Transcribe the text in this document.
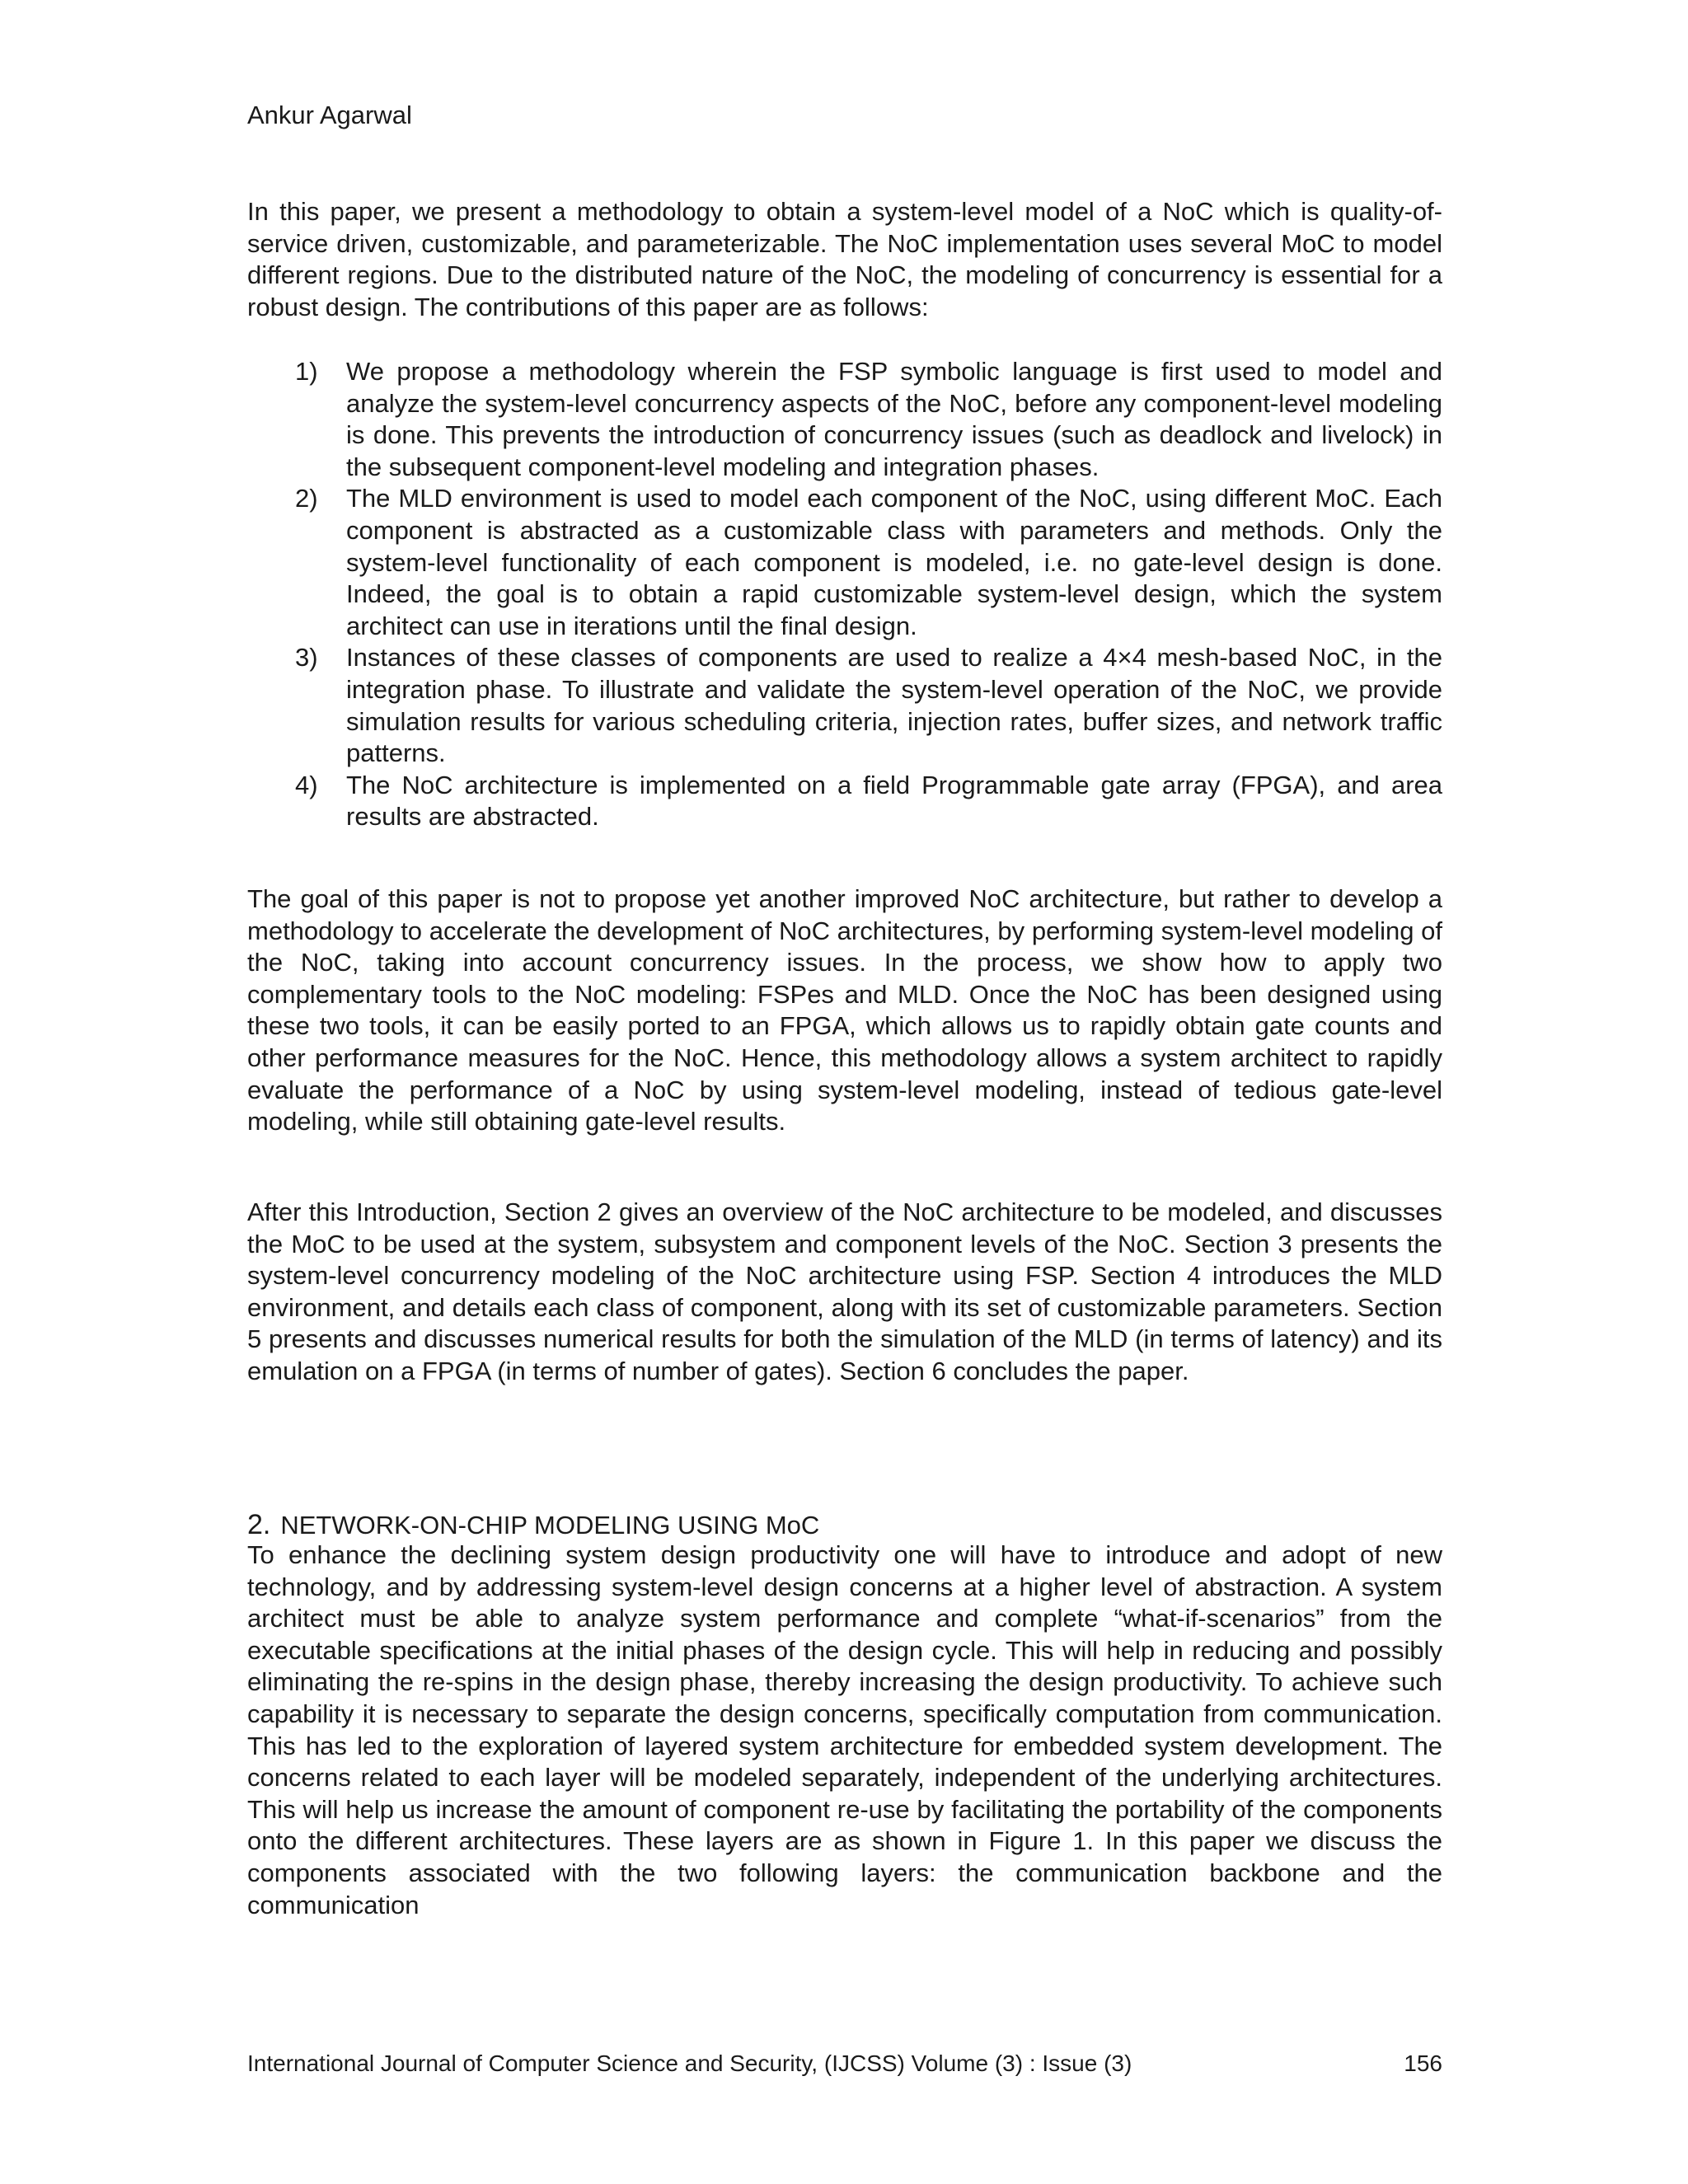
Ankur Agarwal

In this paper, we present a methodology to obtain a system-level model of a NoC which is quality-of-service driven, customizable, and parameterizable. The NoC implementation uses several MoC to model different regions. Due to the distributed nature of the NoC, the modeling of concurrency is essential for a robust design. The contributions of this paper are as follows:

1) We propose a methodology wherein the FSP symbolic language is first used to model and analyze the system-level concurrency aspects of the NoC, before any component-level modeling is done. This prevents the introduction of concurrency issues (such as deadlock and livelock) in the subsequent component-level modeling and integration phases.
2) The MLD environment is used to model each component of the NoC, using different MoC. Each component is abstracted as a customizable class with parameters and methods. Only the system-level functionality of each component is modeled, i.e. no gate-level design is done. Indeed, the goal is to obtain a rapid customizable system-level design, which the system architect can use in iterations until the final design.
3) Instances of these classes of components are used to realize a 4×4 mesh-based NoC, in the integration phase. To illustrate and validate the system-level operation of the NoC, we provide simulation results for various scheduling criteria, injection rates, buffer sizes, and network traffic patterns.
4) The NoC architecture is implemented on a field Programmable gate array (FPGA), and area results are abstracted.

The goal of this paper is not to propose yet another improved NoC architecture, but rather to develop a methodology to accelerate the development of NoC architectures, by performing system-level modeling of the NoC, taking into account concurrency issues. In the process, we show how to apply two complementary tools to the NoC modeling: FSPes and MLD. Once the NoC has been designed using these two tools, it can be easily ported to an FPGA, which allows us to rapidly obtain gate counts and other performance measures for the NoC. Hence, this methodology allows a system architect to rapidly evaluate the performance of a NoC by using system-level modeling, instead of tedious gate-level modeling, while still obtaining gate-level results.

After this Introduction, Section 2 gives an overview of the NoC architecture to be modeled, and discusses the MoC to be used at the system, subsystem and component levels of the NoC. Section 3 presents the system-level concurrency modeling of the NoC architecture using FSP. Section 4 introduces the MLD environment, and details each class of component, along with its set of customizable parameters. Section 5 presents and discusses numerical results for both the simulation of the MLD (in terms of latency) and its emulation on a FPGA (in terms of number of gates). Section 6 concludes the paper.

2. NETWORK-ON-CHIP MODELING USING MoC

To enhance the declining system design productivity one will have to introduce and adopt of new technology, and by addressing system-level design concerns at a higher level of abstraction. A system architect must be able to analyze system performance and complete “what-if-scenarios” from the executable specifications at the initial phases of the design cycle. This will help in reducing and possibly eliminating the re-spins in the design phase, thereby increasing the design productivity. To achieve such capability it is necessary to separate the design concerns, specifically computation from communication. This has led to the exploration of layered system architecture for embedded system development. The concerns related to each layer will be modeled separately, independent of the underlying architectures. This will help us increase the amount of component re-use by facilitating the portability of the components onto the different architectures. These layers are as shown in Figure 1. In this paper we discuss the components associated with the two following layers: the communication backbone and the communication

International Journal of Computer Science and Security, (IJCSS) Volume (3) : Issue (3)	156
